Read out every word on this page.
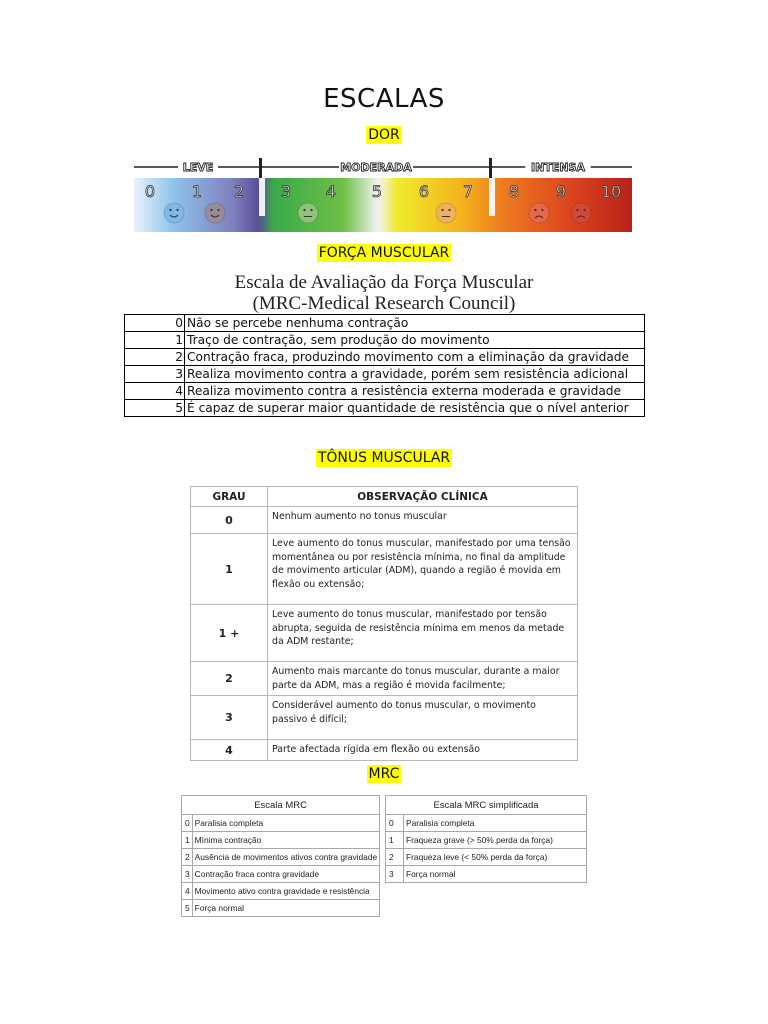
ESCALAS
DOR
LEVE	MODERADA	INTENSA
0 1 2 3 4 5 6 7 8 9 10
FORÇA MUSCULAR
Escala de Avaliação da Força Muscular
(MRC-Medical Research Council)
0	Não se percebe nenhuma contração
1	Traço de contração, sem produção do movimento
2	Contração fraca, produzindo movimento com a eliminação da gravidade
3	Realiza movimento contra a gravidade, porém sem resistência adicional
4	Realiza movimento contra a resistência externa moderada e gravidade
5	É capaz de superar maior quantidade de resistência que o nível anterior
TÔNUS MUSCULAR
GRAU	OBSERVAÇÃO CLÍNICA
0	Nenhum aumento no tonus muscular
1	Leve aumento do tonus muscular, manifestado por uma tensão momentânea ou por resistência mínima, no final da amplitude de movimento articular (ADM), quando a região é movida em flexão ou extensão;
1 +	Leve aumento do tonus muscular, manifestado por tensão abrupta, seguida de resistência mínima em menos da metade da ADM restante;
2	Aumento mais marcante do tonus muscular, durante a maior parte da ADM, mas a região é movida facilmente;
3	Considerável aumento do tonus muscular, o movimento passivo é difícil;
4	Parte afectada rígida em flexão ou extensão
MRC
Escala MRC	
0	Paralisia completa
1	Mínima contração
2	Ausência de movimentos ativos contra gravidade
3	Contração fraca contra gravidade
4	Movimento ativo contra gravidade e resistência
5	Força normal
Escala MRC simplificada	
0	Paralisia completa
1	Fraqueza grave (> 50% perda da força)
2	Fraqueza leve (< 50% perda da força)
3	Força normal
